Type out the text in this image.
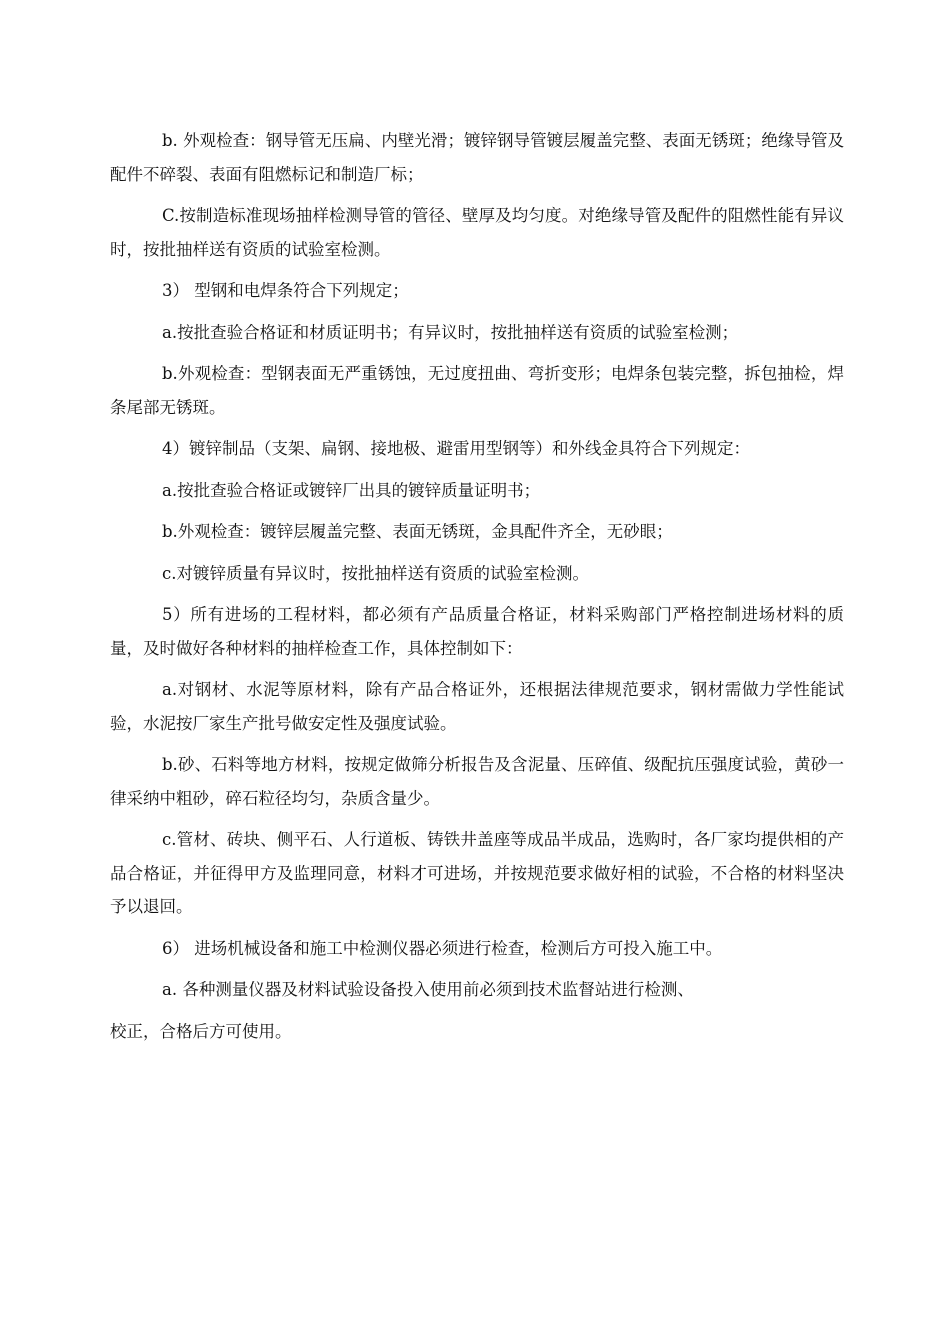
b. 外观检查：钢导管无压扁、内壁光滑；镀锌钢导管镀层履盖完整、表面无锈斑；绝缘导管及配件不碎裂、表面有阻燃标记和制造厂标；

C.按制造标准现场抽样检测导管的管径、壁厚及均匀度。对绝缘导管及配件的阻燃性能有异议时，按批抽样送有资质的试验室检测。

3） 型钢和电焊条符合下列规定；

a.按批查验合格证和材质证明书；有异议时，按批抽样送有资质的试验室检测；

b.外观检查：型钢表面无严重锈蚀，无过度扭曲、弯折变形；电焊条包装完整，拆包抽检，焊条尾部无锈斑。

4）镀锌制品（支架、扁钢、接地极、避雷用型钢等）和外线金具符合下列规定：

a.按批查验合格证或镀锌厂出具的镀锌质量证明书；

b.外观检查：镀锌层履盖完整、表面无锈斑，金具配件齐全，无砂眼；

c.对镀锌质量有异议时，按批抽样送有资质的试验室检测。

5）所有进场的工程材料，都必须有产品质量合格证，材料采购部门严格控制进场材料的质量，及时做好各种材料的抽样检查工作，具体控制如下：

a.对钢材、水泥等原材料，除有产品合格证外，还根据法律规范要求，钢材需做力学性能试验，水泥按厂家生产批号做安定性及强度试验。

b.砂、石料等地方材料，按规定做筛分析报告及含泥量、压碎值、级配抗压强度试验，黄砂一律采纳中粗砂，碎石粒径均匀，杂质含量少。

c.管材、砖块、侧平石、人行道板、铸铁井盖座等成品半成品，选购时，各厂家均提供相的产品合格证，并征得甲方及监理同意，材料才可进场，并按规范要求做好相的试验，不合格的材料坚决予以退回。

6） 进场机械设备和施工中检测仪器必须进行检查，检测后方可投入施工中。

a. 各种测量仪器及材料试验设备投入使用前必须到技术监督站进行检测、

校正，合格后方可使用。
